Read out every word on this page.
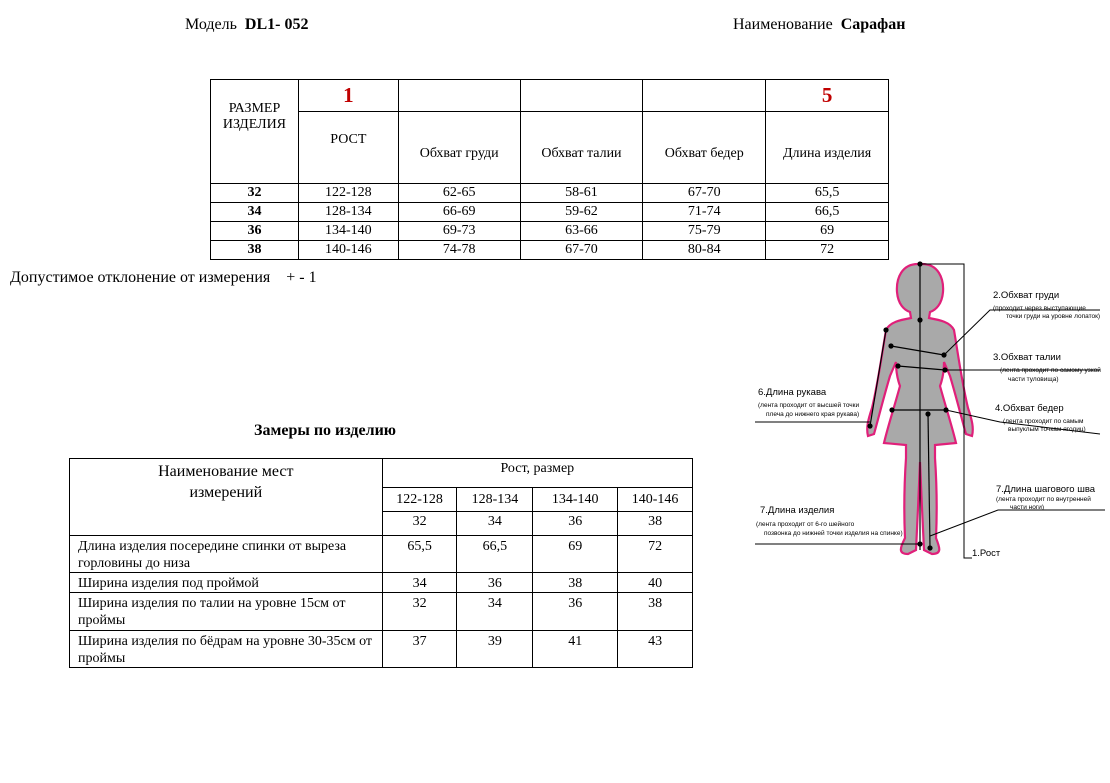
Модель DL1- 052	Наименование Сарафан
РАЗМЕР ИЗДЕЛИЯ	1				5

	РОСТ	Обхват груди	Обхват талии	Обхват бедер	Длина изделия

32	122-128	62-65	58-61	67-70	65,5
34	128-134	66-69	59-62	71-74	66,5
36	134-140	69-73	63-66	75-79	69
38	140-146	74-78	67-70	80-84	72
Допустимое отклонение от измерения + - 1
Замеры по изделию
Наименование мест измерений	Рост, размер			
	122-128	128-134	134-140	140-146
	32	34	36	38
Длина изделия посередине спинки от выреза горловины до низа	65,5	66,5	69	72
Ширина изделия под проймой	34	36	38	40
Ширина изделия по талии на уровне 15см от проймы	32	34	36	38
Ширина изделия по бёдрам на уровне 30-35см от проймы	37	39	41	43
2.Обхват груди
(проходит через выступающие
точки груди на уровне лопаток)
3.Обхват талии
(лента проходит по самому узкой
части туловища)
6.Длина рукава
(лента проходит от высшей точки
плеча до нижнего края рукава)
4.Обхват бедер
(лента проходит по самым
выпуклым точкам ягодиц)
7.Длина шагового шва
(лента проходит по внутренней
части ноги)
7.Длина изделия
(лента проходит от 6-го шейного
позвонка до нижней точки изделия на спинке)
1.Рост
